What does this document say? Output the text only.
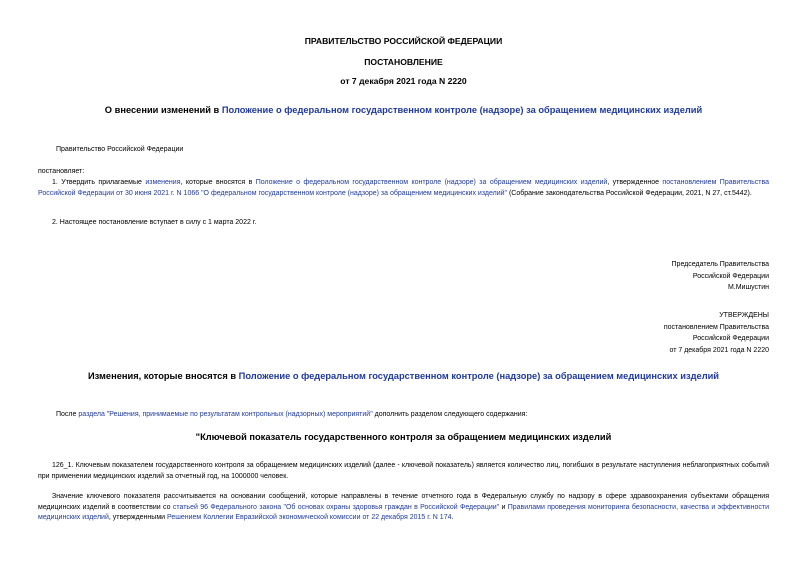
ПРАВИТЕЛЬСТВО РОССИЙСКОЙ ФЕДЕРАЦИИ
ПОСТАНОВЛЕНИЕ
от 7 декабря 2021 года N 2220
О внесении изменений в Положение о федеральном государственном контроле (надзоре) за обращением медицинских изделий
Правительство Российской Федерации
постановляет:
1. Утвердить прилагаемые изменения, которые вносятся в Положение о федеральном государственном контроле (надзоре) за обращением медицинских изделий, утвержденное постановлением Правительства Российской Федерации от 30 июня 2021 г. N 1066 "О федеральном государственном контроле (надзоре) за обращением медицинских изделий" (Собрание законодательства Российской Федерации, 2021, N 27, ст.5442).
2. Настоящее постановление вступает в силу с 1 марта 2022 г.
Председатель Правительства
Российской Федерации
М.Мишустин
УТВЕРЖДЕНЫ
постановлением Правительства
Российской Федерации
от 7 декабря 2021 года N 2220
Изменения, которые вносятся в Положение о федеральном государственном контроле (надзоре) за обращением медицинских изделий
После раздела "Решения, принимаемые по результатам контрольных (надзорных) мероприятий" дополнить разделом следующего содержания:
"Ключевой показатель государственного контроля за обращением медицинских изделий
126_1. Ключевым показателем государственного контроля за обращением медицинских изделий (далее - ключевой показатель) является количество лиц, погибших в результате наступления неблагоприятных событий при применении медицинских изделий за отчетный год, на 1000000 человек.
Значение ключевого показателя рассчитывается на основании сообщений, которые направлены в течение отчетного года в Федеральную службу по надзору в сфере здравоохранения субъектами обращения медицинских изделий в соответствии со статьей 96 Федерального закона "Об основах охраны здоровья граждан в Российской Федерации" и Правилами проведения мониторинга безопасности, качества и эффективности медицинских изделий, утвержденными Решением Коллегии Евразийской экономической комиссии от 22 декабря 2015 г. N 174.
